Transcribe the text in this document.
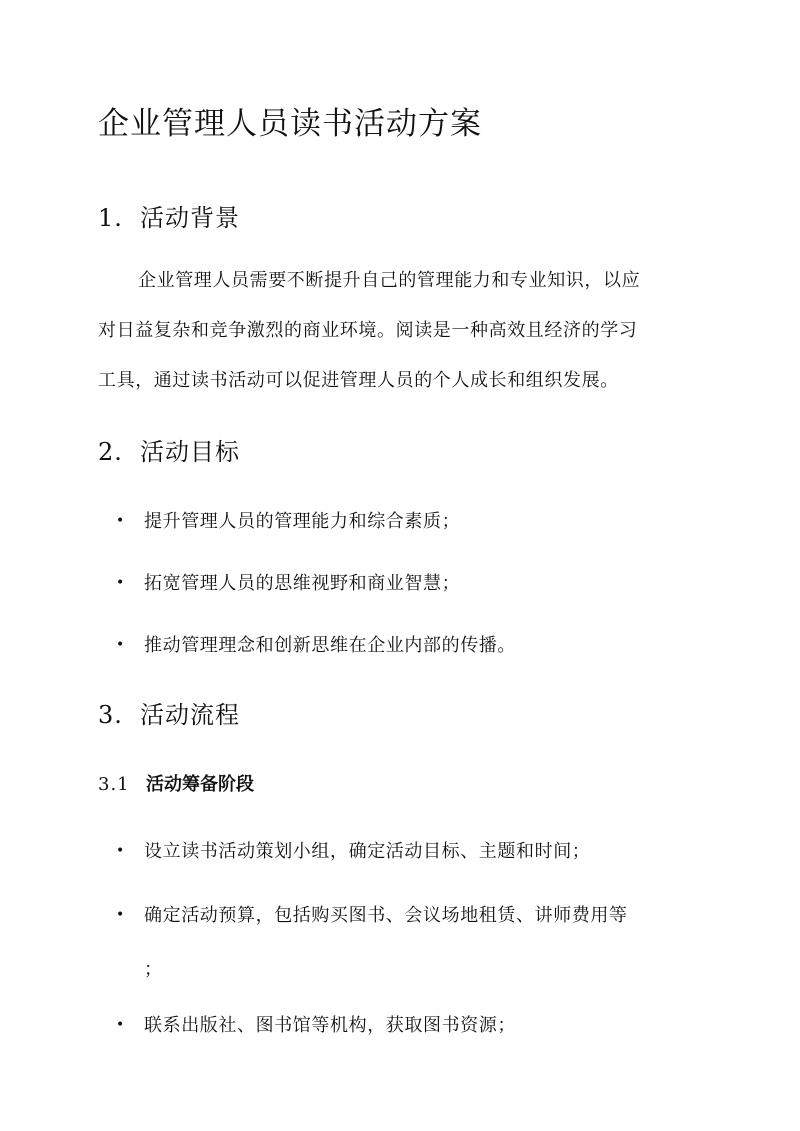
企业管理人员读书活动方案
1. 活动背景
企业管理人员需要不断提升自己的管理能力和专业知识，以应
对日益复杂和竞争激烈的商业环境。阅读是一种高效且经济的学习
工具，通过读书活动可以促进管理人员的个人成长和组织发展。
2. 活动目标
• 提升管理人员的管理能力和综合素质；
• 拓宽管理人员的思维视野和商业智慧；
• 推动管理理念和创新思维在企业内部的传播。
3. 活动流程
3.1 活动筹备阶段
• 设立读书活动策划小组，确定活动目标、主题和时间；
• 确定活动预算，包括购买图书、会议场地租赁、讲师费用等
；
• 联系出版社、图书馆等机构，获取图书资源；
